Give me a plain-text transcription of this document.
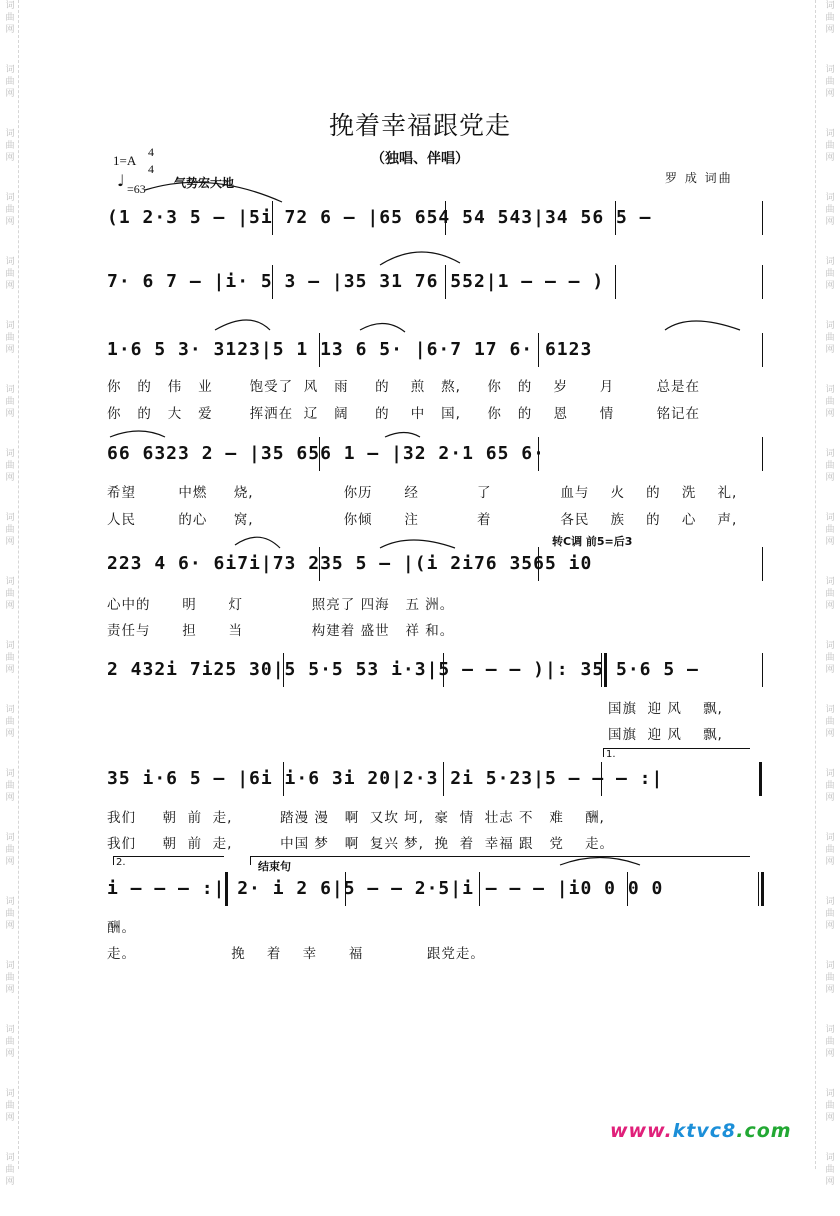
词
曲
网
词
曲
网
词
曲
网
词
曲
网
词
曲
网
词
曲
网
词
曲
网
词
曲
网
词
曲
网
词
曲
网
词
曲
网
词
曲
网
词
曲
网
词
曲
网
词
曲
网
词
曲
网
词
曲
网
词
曲
网
词
曲
网
词
曲
网
词
曲
网
词
曲
网
词
曲
网
词
曲
网
词
曲
网
词
曲
网
词
曲
网
词
曲
网
词
曲
网
词
曲
网
词
曲
网
词
曲
网
词
曲
网
词
曲
网
词
曲
网
词
曲
网
词
曲
网
词
曲
网
挽着幸福跟党走
（独唱、伴唱）
1=A
4
4
♩ =63 气势宏大地	罗 成 词曲
(1 2·3 5 – |5i 72 6 – |65 654 54 543|34 56 5 –
7· 6 7 – |i· 5 3 – |35 31 76 552|1 – – – )
1·6 5 3· 3123|5 1 13 6 5· |6·7 17 6· 6123
你 的 伟 业	饱受了 风 雨 的 煎 熬, 你 的 岁 月	总是在
你 的 大 爱	挥洒在 辽 阔 的 中 国, 你 的 恩 情	铭记在
66 6323 2 – |35 656 1 – |32 2·1 65 6·
希望	中燃 烧,	你历 经	了	血与 火 的 洗 礼,
人民	的心 窝,	你倾 注	着	各民 族 的 心 声,
转C调 前5=后3
223 4 6· 6i7i|73 235 5 – |(i 2i76 3565 i0
心中的 明 灯	照亮了 四海 五 洲。
责任与 担 当	构建着 盛世 祥 和。
2 432i 7i25 30|5 5·5 53 i·3|5 – – – )|: 35 5·6 5 –
国旗 迎 风 飘,
国旗 迎 风 飘,
1.
35 i·6 5 – |6i i·6 3i 20|2·3 2i 5·23|5 – – – :|
我们 朝 前 走,	踏漫 漫 啊 又坎 坷, 豪 情 壮志 不 难 酬,
我们 朝 前 走,	中国 梦 啊 复兴 梦, 挽 着 幸福 跟 党 走。
2.	结束句
i – – – :| 2· i 2 6|5 – – 2·5|i – – – |i0 0 0 0
酬。
走。	挽 着 幸 福	跟党走。
www.ktvc8.com
